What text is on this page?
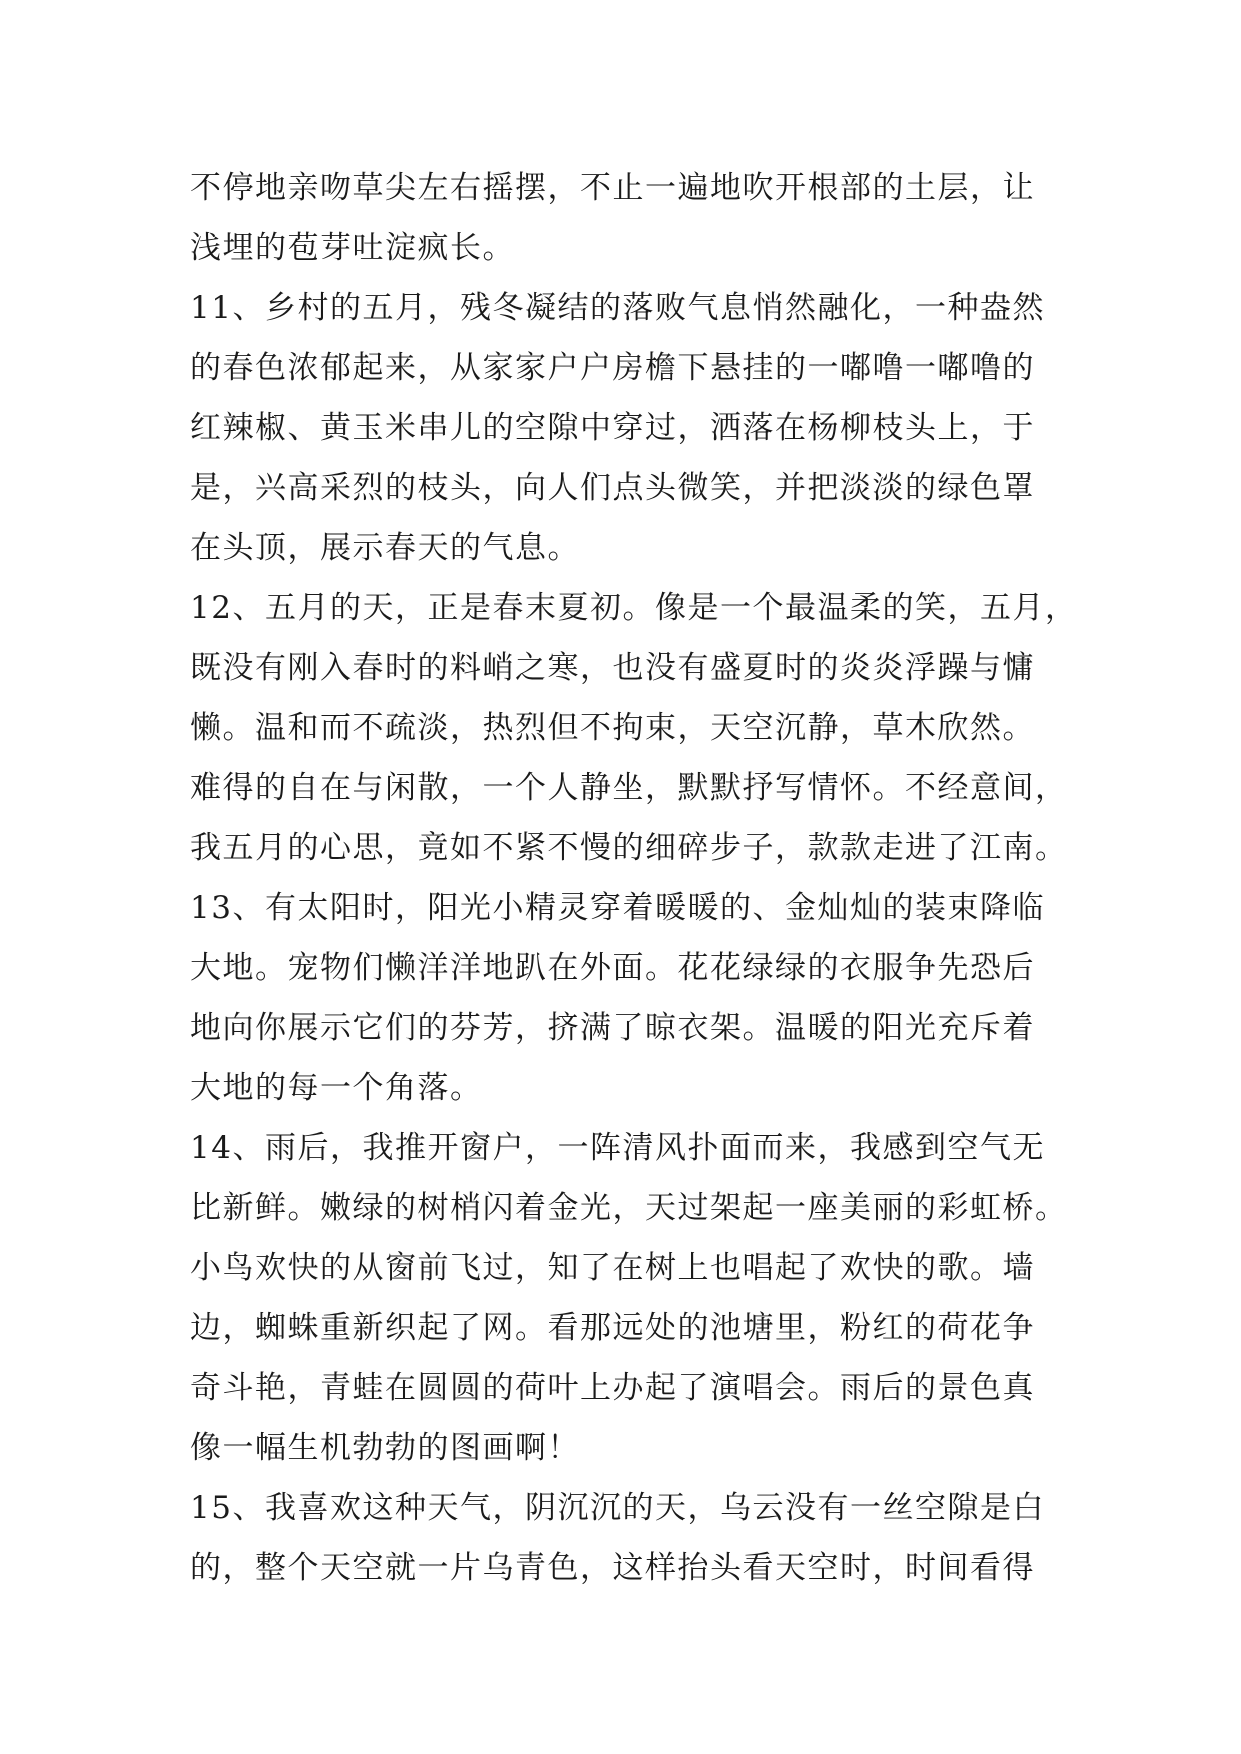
不停地亲吻草尖左右摇摆，不止一遍地吹开根部的土层，让
浅埋的苞芽吐淀疯长。
11、乡村的五月，残冬凝结的落败气息悄然融化，一种盎然
的春色浓郁起来，从家家户户房檐下悬挂的一嘟噜一嘟噜的
红辣椒、黄玉米串儿的空隙中穿过，洒落在杨柳枝头上，于
是，兴高采烈的枝头，向人们点头微笑，并把淡淡的绿色罩
在头顶，展示春天的气息。
12、五月的天，正是春末夏初。像是一个最温柔的笑，五月，
既没有刚入春时的料峭之寒，也没有盛夏时的炎炎浮躁与慵
懒。温和而不疏淡，热烈但不拘束，天空沉静，草木欣然。
难得的自在与闲散，一个人静坐，默默抒写情怀。不经意间，
我五月的心思，竟如不紧不慢的细碎步子，款款走进了江南。
13、有太阳时，阳光小精灵穿着暖暖的、金灿灿的装束降临
大地。宠物们懒洋洋地趴在外面。花花绿绿的衣服争先恐后
地向你展示它们的芬芳，挤满了晾衣架。温暖的阳光充斥着
大地的每一个角落。
14、雨后，我推开窗户，一阵清风扑面而来，我感到空气无
比新鲜。嫩绿的树梢闪着金光，天过架起一座美丽的彩虹桥。
小鸟欢快的从窗前飞过，知了在树上也唱起了欢快的歌。墙
边，蜘蛛重新织起了网。看那远处的池塘里，粉红的荷花争
奇斗艳，青蛙在圆圆的荷叶上办起了演唱会。雨后的景色真
像一幅生机勃勃的图画啊！
15、我喜欢这种天气，阴沉沉的天，乌云没有一丝空隙是白
的，整个天空就一片乌青色，这样抬头看天空时，时间看得
